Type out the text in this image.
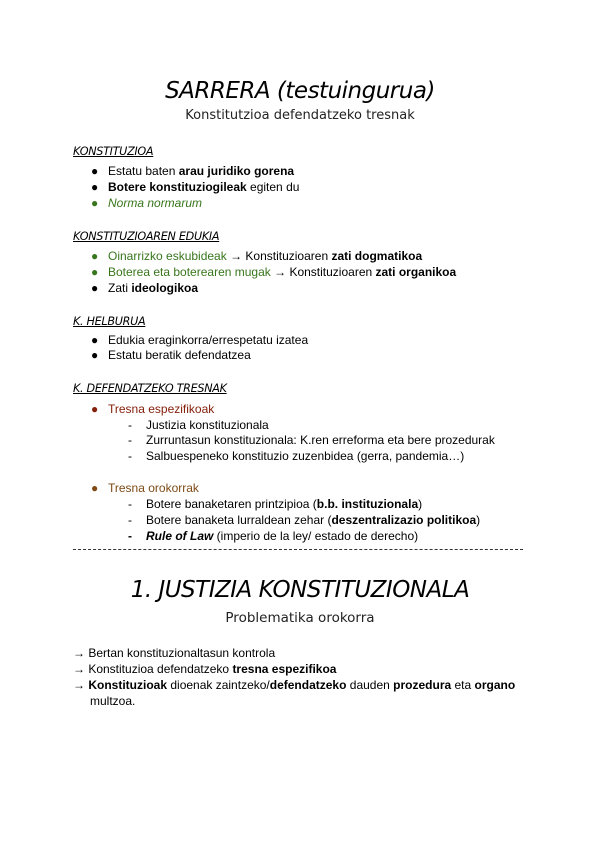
SARRERA (testuingurua)
Konstitutzioa defendatzeko tresnak
KONSTITUZIOA
● Estatu baten arau juridiko gorena
● Botere konstituziogileak egiten du
● Norma normarum
KONSTITUZIOAREN EDUKIA
● Oinarrizko eskubideak → Konstituzioaren zati dogmatikoa
● Boterea eta boterearen mugak → Konstituzioaren zati organikoa
● Zati ideologikoa
K. HELBURUA
● Edukia eraginkorra/errespetatu izatea
● Estatu beratik defendatzea
K. DEFENDATZEKO TRESNAK
● Tresna espezifikoak
- Justizia konstituzionala
- Zurruntasun konstituzionala: K.ren erreforma eta bere prozedurak
- Salbuespeneko konstituzio zuzenbidea (gerra, pandemia…)
● Tresna orokorrak
- Botere banaketaren printzipioa (b.b. instituzionala)
- Botere banaketa lurraldean zehar (deszentralizazio politikoa)
- Rule of Law (imperio de la ley/ estado de derecho)
1. JUSTIZIA KONSTITUZIONALA
Problematika orokorra
→ Bertan konstituzionaltasun kontrola
→ Konstituzioa defendatzeko tresna espezifikoa
→ Konstituzioak dioenak zaintzeko/defendatzeko dauden prozedura eta organo
multzoa.
